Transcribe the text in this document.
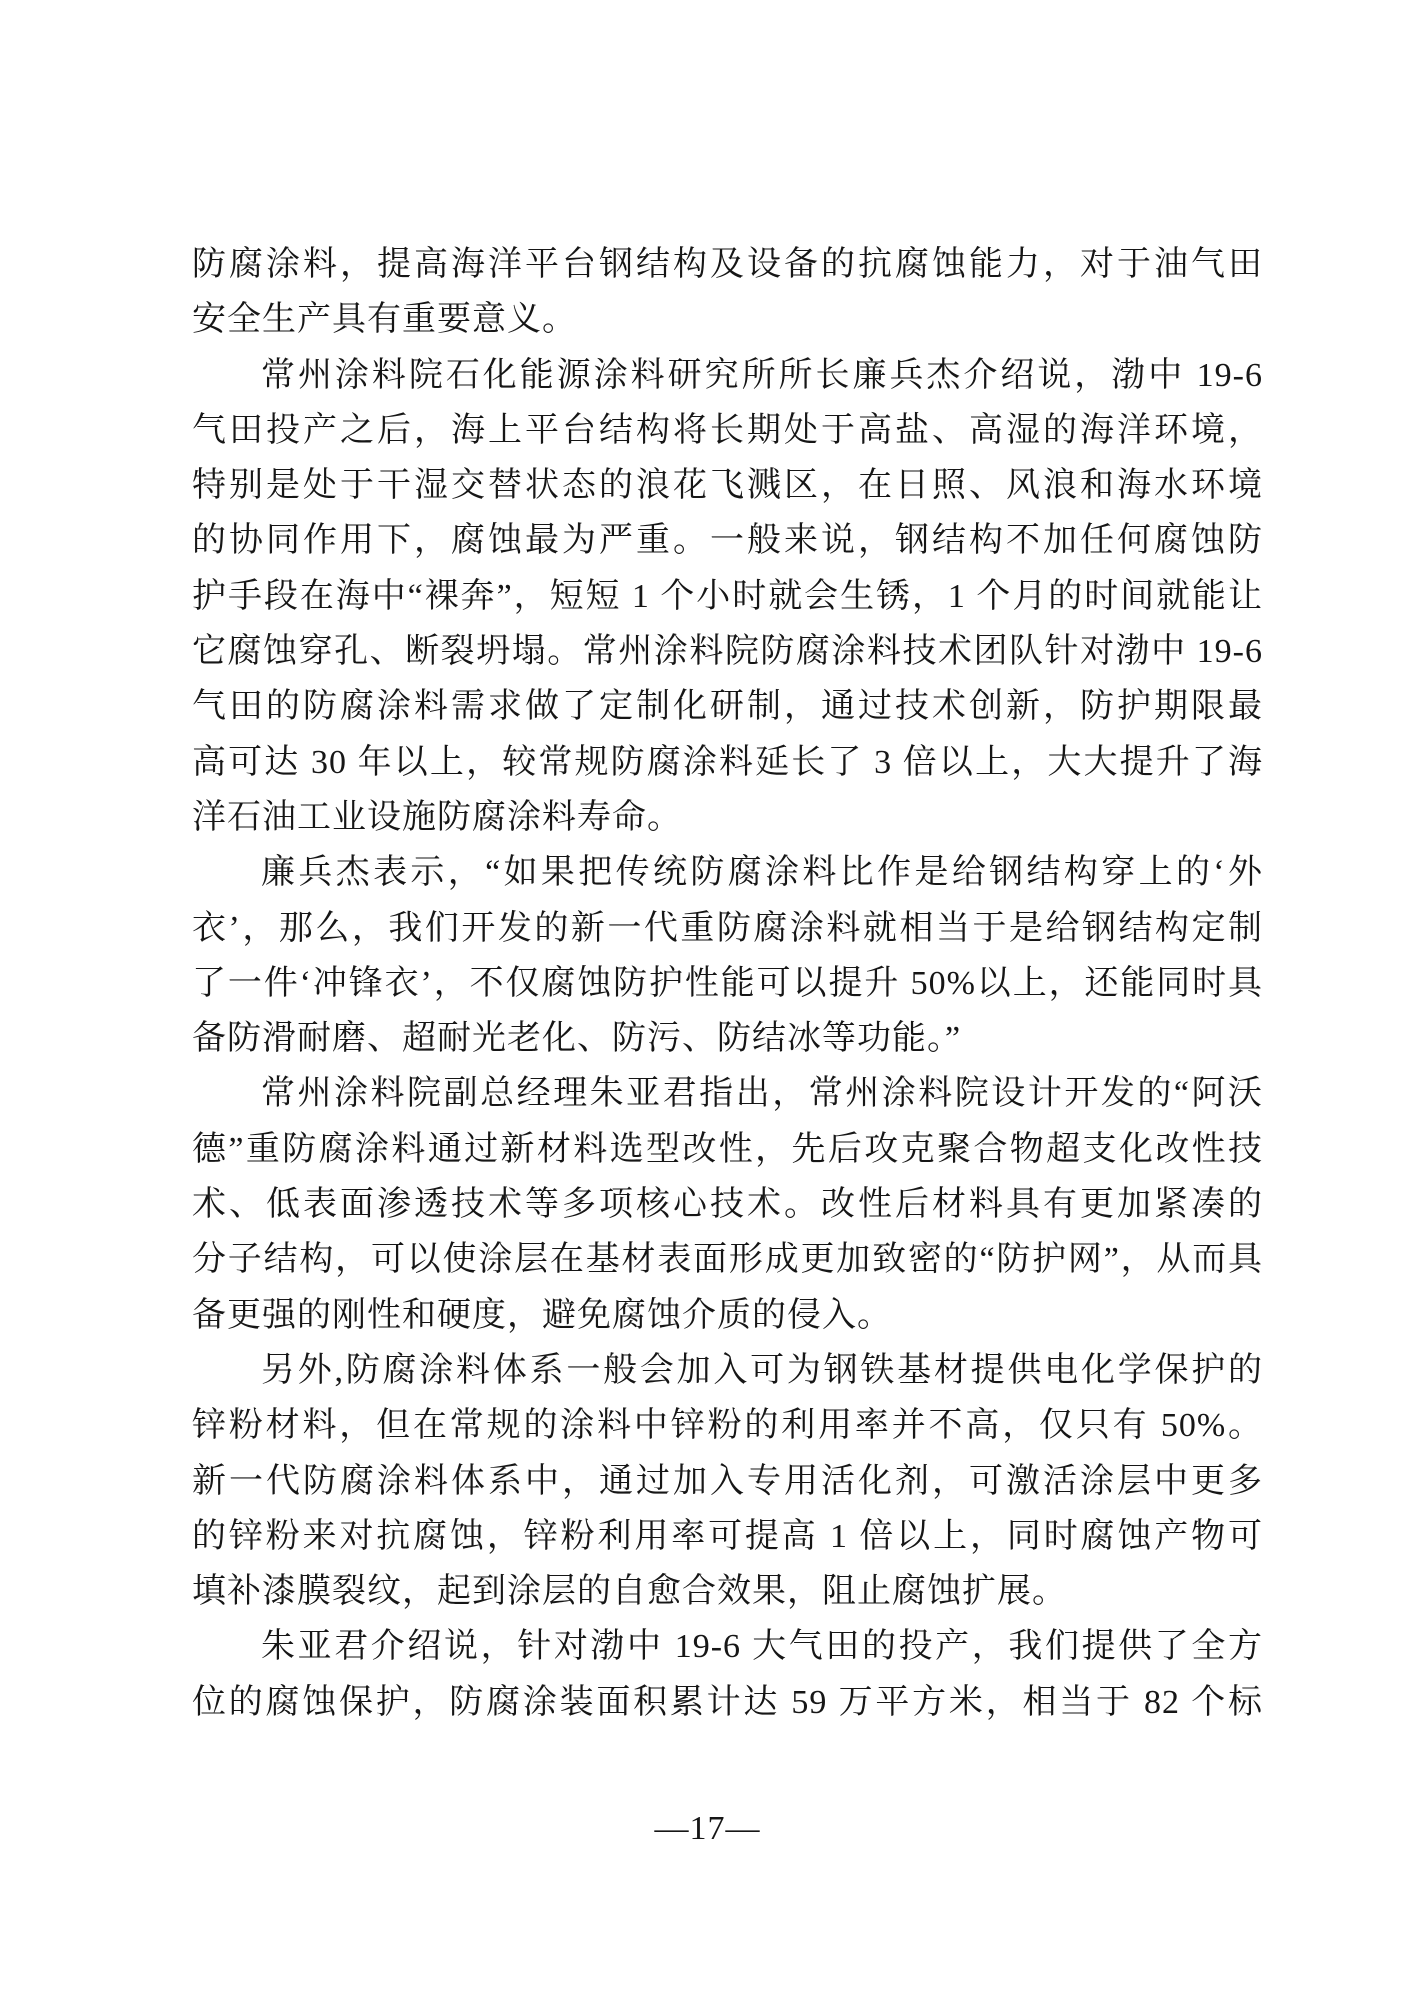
防腐涂料，提高海洋平台钢结构及设备的抗腐蚀能力，对于油气田
安全生产具有重要意义。
常州涂料院石化能源涂料研究所所长廉兵杰介绍说，渤中 19-6
气田投产之后，海上平台结构将长期处于高盐、高湿的海洋环境，
特别是处于干湿交替状态的浪花飞溅区，在日照、风浪和海水环境
的协同作用下，腐蚀最为严重。一般来说，钢结构不加任何腐蚀防
护手段在海中“裸奔”，短短 1 个小时就会生锈，1 个月的时间就能让
它腐蚀穿孔、断裂坍塌。常州涂料院防腐涂料技术团队针对渤中 19-6
气田的防腐涂料需求做了定制化研制，通过技术创新，防护期限最
高可达 30 年以上，较常规防腐涂料延长了 3 倍以上，大大提升了海
洋石油工业设施防腐涂料寿命。
廉兵杰表示，“如果把传统防腐涂料比作是给钢结构穿上的‘外
衣’，那么，我们开发的新一代重防腐涂料就相当于是给钢结构定制
了一件‘冲锋衣’，不仅腐蚀防护性能可以提升 50%以上，还能同时具
备防滑耐磨、超耐光老化、防污、防结冰等功能。”
常州涂料院副总经理朱亚君指出，常州涂料院设计开发的“阿沃
德”重防腐涂料通过新材料选型改性，先后攻克聚合物超支化改性技
术、低表面渗透技术等多项核心技术。改性后材料具有更加紧凑的
分子结构，可以使涂层在基材表面形成更加致密的“防护网”，从而具
备更强的刚性和硬度，避免腐蚀介质的侵入。
另外,防腐涂料体系一般会加入可为钢铁基材提供电化学保护的
锌粉材料，但在常规的涂料中锌粉的利用率并不高，仅只有 50%。
新一代防腐涂料体系中，通过加入专用活化剂，可激活涂层中更多
的锌粉来对抗腐蚀，锌粉利用率可提高 1 倍以上，同时腐蚀产物可
填补漆膜裂纹，起到涂层的自愈合效果，阻止腐蚀扩展。
朱亚君介绍说，针对渤中 19-6 大气田的投产，我们提供了全方
位的腐蚀保护，防腐涂装面积累计达 59 万平方米，相当于 82 个标
—17—
